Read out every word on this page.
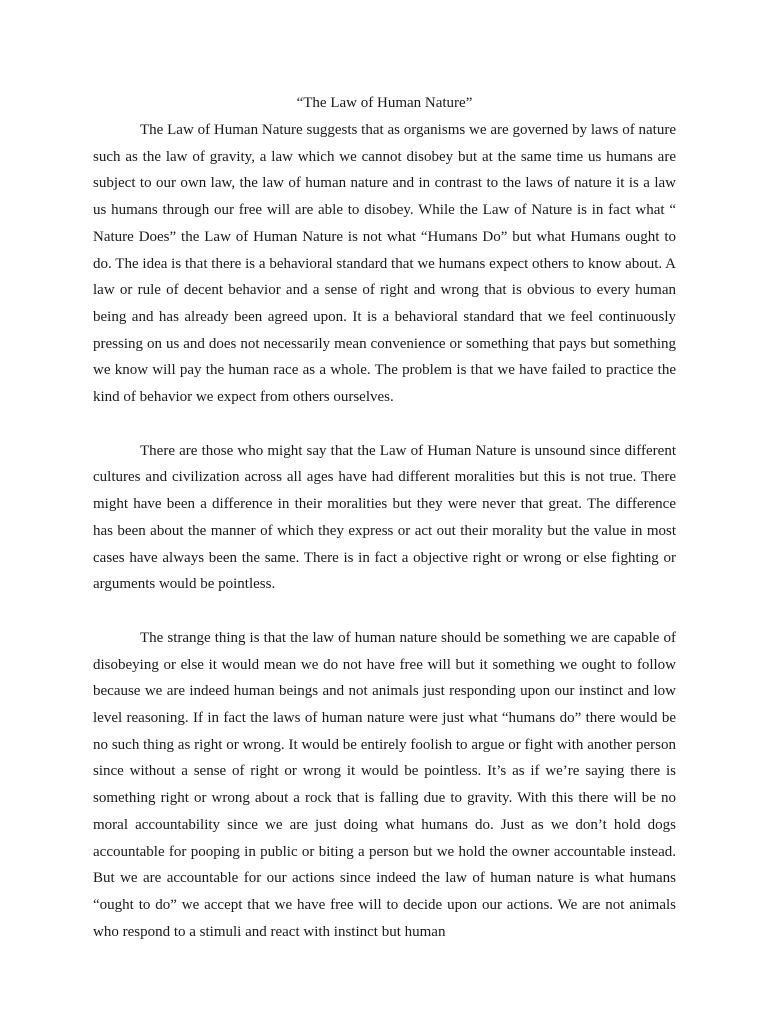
“The Law of Human Nature”

The Law of Human Nature suggests that as organisms we are governed by laws of nature such as the law of gravity, a law which we cannot disobey but at the same time us humans are subject to our own law, the law of human nature and in contrast to the laws of nature it is a law us humans through our free will are able to disobey. While the Law of Nature is in fact what “ Nature Does” the Law of Human Nature is not what “Humans Do” but what Humans ought to do. The idea is that there is a behavioral standard that we humans expect others to know about. A law or rule of decent behavior and a sense of right and wrong that is obvious to every human being and has already been agreed upon. It is a behavioral standard that we feel continuously pressing on us and does not necessarily mean convenience or something that pays but something we know will pay the human race as a whole. The problem is that we have failed to practice the kind of behavior we expect from others ourselves.

There are those who might say that the Law of Human Nature is unsound since different cultures and civilization across all ages have had different moralities but this is not true. There might have been a difference in their moralities but they were never that great. The difference has been about the manner of which they express or act out their morality but the value in most cases have always been the same. There is in fact a objective right or wrong or else fighting or arguments would be pointless.

The strange thing is that the law of human nature should be something we are capable of disobeying or else it would mean we do not have free will but it something we ought to follow because we are indeed human beings and not animals just responding upon our instinct and low level reasoning. If in fact the laws of human nature were just what “humans do” there would be no such thing as right or wrong. It would be entirely foolish to argue or fight with another person since without a sense of right or wrong it would be pointless. It’s as if we’re saying there is something right or wrong about a rock that is falling due to gravity. With this there will be no moral accountability since we are just doing what humans do. Just as we don’t hold dogs accountable for pooping in public or biting a person but we hold the owner accountable instead. But we are accountable for our actions since indeed the law of human nature is what humans “ought to do” we accept that we have free will to decide upon our actions. We are not animals who respond to a stimuli and react with instinct but human
